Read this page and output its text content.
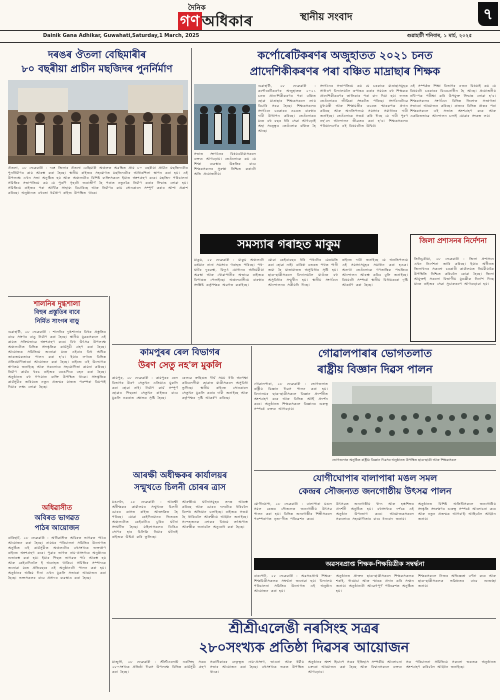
দৈনিক
গণ অধিকাৰ	স্থানীয় সংবাদ	৭
Dainik Gana Adhikar, Guwahati,Saturday,1 March, 2025	গুৱাহাটী শনিবাৰ, ১ মাৰ্চ, ২০২৫
দৰঙৰ ঔতলা বেছিমাৰীৰ
৮০ বছৰীয়া প্ৰাচীন মছজিদৰ পুনৰ্নিৰ্মাণ
ঔতলা, ২৮ ফেব্ৰুৱাৰী : দৰং জিলাৰ ঔতলা বেছিমাৰী অঞ্চলত অৱস্থিত প্ৰায় ৮০ বছৰীয়া প্ৰাচীন মছজিদটোৰ পুনৰ্নিৰ্মাণৰ কাম আৰম্ভ কৰা হৈছে। স্থানীয় ৰাইজৰ সহযোগত মছজিদটোৰ আধাৰশিলা স্থাপন কৰা হয়। এই উপলক্ষে এখন সভা অনুষ্ঠিত হয় আৰু অঞ্চলটোৰ বিশিষ্ট ব্যক্তিসকলে ইয়াত অংশগ্ৰহণ কৰে। মছজিদ পৰিচালনা সমিতিৰ সভাপতিয়ে কয় যে পুৰণি গৃহটো জৰাজীৰ্ণ হৈ পৰাত নতুনকৈ নিৰ্মাণ কৰাৰ সিদ্ধান্ত লোৱা হয়। সমিতিয়ে ৰাইজৰ পৰা আৰ্থিক সাহায্য বিচাৰিছে আৰু নিৰ্মাণৰ কাম সোনকালে সম্পূৰ্ণ কৰাৰ আশা প্ৰকাশ কৰিছে। অনুষ্ঠানত বহুতো ধৰ্মপ্ৰাণ ৰাইজ উপস্থিত থাকে।
শালনিৰ দুগ্ধশালা
বিহুৰ প্ৰস্তুতিৰ বাবে
নিৰ্মিত সাংগৰ বাড়ু
গুৱাহাটী, ২৮ ফেব্ৰুৱাৰী : শালনিৰ দুগ্ধশালাৰ বিহুৰ প্ৰস্তুতিৰ বাবে সাংগৰ বাড়ু নিৰ্মাণ কৰা হৈছে। স্থানীয় যুৱকসকলে এই কামত সক্ৰিয়ভাৱে অংশগ্ৰহণ কৰে। বিহু উৎসৱ উপলক্ষে অঞ্চলটোত বিভিন্ন সাংস্কৃতিক কাৰ্যসূচী গ্ৰহণ কৰা হৈছে। আয়োজক সমিতিয়ে জনোৱা মতে এইবাৰ বিহু অধিক জাকজমকতাৰে পালন কৰা হ'ব। ইয়াৰ লগতে বিভিন্ন প্ৰতিযোগিতাৰো আয়োজন কৰা হৈছে। ৰাইজে এই উদ্যোগক স্বাগতম জনাইছে আৰু সকলোৰে সহযোগিতা কামনা কৰিছে। নিৰ্মাণ কাৰ্যৰ খৰচ ৰাইজৰ বৰঙণিৰে বহন কৰা হৈছে। অনুষ্ঠানত বহু গণ্যমান্য ব্যক্তি উপস্থিত থাকে। সাংস্কৃতিক কাৰ্যসূচীৰ জৰিয়তে নতুন প্ৰজন্মৰ মাজত পৰম্পৰা বিয়পাই দিয়াৰ লক্ষ্য লোৱা হৈছে।
অধিৱাসীত
অবিৰত ভাগৱত
পাঠৰ আয়োজন
বাৰিহাট, ২৮ ফেব্ৰুৱাৰী : অধিৱাসীত অবিৰত ভাগৱত পাঠৰ আয়োজন কৰা হৈছে। নামঘৰ পৰিচালনা সমিতিৰ উদ্যোগত অনুষ্ঠিত এই কাৰ্যসূচীত অঞ্চলটোৰ বহুসংখ্যক ভক্তপ্ৰাণ ৰাইজে অংশগ্ৰহণ কৰে। পুৱাৰ ভাগত নাম-প্ৰসংগৰে অনুষ্ঠানৰ শুভাৰম্ভ কৰা হয়। ইয়াৰ পিছত ভাগৱত পাঠ আৰম্ভ হয় আৰু কেইবাদিনলৈ ই অব্যাহত থাকিব। সমিতিৰ সম্পাদকে জনোৱা মতে প্ৰতিবছৰে এই অনুষ্ঠানটো পালন কৰা হয়। অনুষ্ঠানৰ অন্তিম দিনা এখন মুকলি সভাৰো আয়োজন কৰা হৈছে। ভক্তসকলৰ বাবে প্ৰসাদৰ ব্যৱস্থাও কৰা হৈছে।
কৰ্পোৰেটিকৰণৰ অজুহাতত ২০২১ চনত
প্ৰাদেশিকীকৰণৰ পৰা বঞ্চিত মাদ্ৰাছাৰ শিক্ষক
গুৱাহাটী, ২৮ ফেব্ৰুৱাৰী : কৰ্পোৰেটিকৰণৰ অজুহাতত ২০২১ চনত প্ৰাদেশিকীকৰণৰ পৰা বঞ্চিত হোৱা মাদ্ৰাছাৰ শিক্ষকসকলে ন্যায় বিচাৰি সৰৱ হৈছে। শিক্ষকসকলৰ সংগঠনে চৰকাৰৰ ওচৰত বাৰম্বাৰ দাবী উত্থাপন কৰিছে। তেওঁলোকৰ মতে বহু বছৰ ধৰি সেৱা আগবঢ়াই অহা সত্ত্বেও তেওঁলোক বঞ্চিত হৈ আছে।
সংগঠনৰ সভাপতিয়ে কয় যে চৰকাৰে মাদ্ৰাছাসমূহক সাধাৰণ বিদ্যালয়লৈ ৰূপান্তৰ কৰাৰ সময়ত বহু শিক্ষকক প্ৰাদেশিকীকৰণৰ তালিকাৰ পৰা বাদ দিয়া হয়। ফলত তেওঁলোকৰ জীৱিকা সংকটত পৰিছে। সংগঠনটোৱে মুখ্যমন্ত্ৰী আৰু শিক্ষামন্ত্ৰীৰ ওচৰত স্মাৰকপত্ৰ প্ৰদান কৰিছে আৰু অনতিপলমে সমস্যাৰ সমাধানৰ দাবী জনাইছে। তেওঁলোকে সতৰ্ক কৰি দিছে যে দাবী পূৰণ নহ'লে আন্দোলন তীব্ৰতৰ কৰা হ'ব। শিক্ষকসকলৰ পৰিয়ালবৰ্গও এই বিষয়টোত উদ্বিগ্ন।
এই সম্পৰ্কত শিক্ষা বিভাগৰ এজন বিষয়াই কয় যে বিষয়টো চৰকাৰৰ বিবেচনাধীন হৈ আছে। প্ৰয়োজনীয় নথি-পত্ৰ পৰীক্ষা কৰি উপযুক্ত সিদ্ধান্ত লোৱা হ'ব। শিক্ষকসকলৰ সংগঠনে বিভিন্ন জিলাত সজাগতা সভাৰো আয়োজন কৰিছে। ৰাজ্যৰ বিভিন্ন প্ৰান্তৰ পৰা শিক্ষকসকলে এই সভাত অংশগ্ৰহণ কৰে আৰু একত্ৰিতভাৱে আন্দোলন চলাই যোৱাৰ সংকল্প লয়।
সভাত সংগঠনৰ বিষয়ববীয়াসকলে বক্তব্য আগবঢ়ায়। তেওঁলোকে কয় যে শিক্ষা ব্যৱস্থাৰ উন্নতিৰ বাবে শিক্ষকসকলৰ সুৰক্ষা নিশ্চিত কৰাটো অতি প্ৰয়োজনীয়।
সমস্যাৰ গৰাহত মাকুম	জিলা প্ৰশাসনৰ নিৰ্দেশনা
তিনিচুকীয়া, ২৮ ফেব্ৰুৱাৰী : জিলা প্ৰশাসনে এখন নিৰ্দেশনা জাৰি কৰিছে। ইয়াৰ অধীনত জিলাখনৰ সকলো চৰকাৰী কাৰ্যালয়ত নিয়মীয়াকৈ উপস্থিতি নিশ্চিত কৰিবলৈ কোৱা হৈছে। জিলা আয়ুক্তই সকলো বিভাগীয় মুৰব্বীক নিৰ্দেশ দিছে যাতে ৰাইজৰ সেৱা সুচাৰুৰূপে আগবঢ়োৱা হয়।
মাকুম, ২৮ ফেব্ৰুৱাৰী : মাকুম অঞ্চলটো বৰ্তমান নানা সমস্যাৰ গৰাহত পৰিছে। পথ-ঘাটৰ দুৰৱস্থা, বিদ্যুৎ যোগানৰ অনিয়মীয়া অৱস্থা আৰু খোৱাপানীৰ অভাৱে ৰাইজক বিপাঙত পেলাইছে। অঞ্চলবাসীয়ে বাৰম্বাৰ সংশ্লিষ্ট কৰ্তৃপক্ষক অৱগত কৰাইছে।
যোৱা কেইবাবছৰ ধৰি পথটোৰ মেৰামতি কৰা হোৱা নাই। বাৰিষা বতৰত পথত পানী জমা হৈ যাতায়াতত অসুবিধাৰ সৃষ্টি হয়। ছাত্ৰ-ছাত্ৰীসকলে বিদ্যালয়লৈ যাওঁতে বহু অসুবিধাৰ সন্মুখীন হয়। স্থানীয় সংগঠনে আন্দোলনৰ সকীয়নি দিছে।
ৰাইজে দাবী জনাইছে যে অনতিপলমে এই সমস্যাসমূহৰ সমাধান কৰা হওক। অন্যথা তেওঁলোকে গণতান্ত্ৰিক পদ্ধতিৰে আন্দোলন আৰম্ভ কৰিব বুলি জনাইছে। বিষয়টো সম্পৰ্কে স্থানীয় বিধায়কৰো দৃষ্টি আকৰ্ষণ কৰা হৈছে।
কামপুৰৰ ৰেল বিভাগৰ
উৰণ সেতু নহ'ল মুকলি
কামপুৰ, ২৮ ফেব্ৰুৱাৰী : কামপুৰৰ ৰেল বিভাগৰ উৰণ সেতুখন এতিয়াও মুকলি কৰা হোৱা নাই। নিৰ্মাণ কাৰ্য সম্পূৰ্ণ হোৱাৰ পিছতো সেতুখন ৰাইজৰ বাবে মুকলি নকৰাত ক্ষোভৰ সৃষ্টি হৈছে।
ৰেলৱে ক্ৰছিঙত দীৰ্ঘ সময় ধৰি অপেক্ষা কৰিবলগীয়া হোৱাত যাত্ৰীসকলে অসুবিধা ভুগিছে। স্থানীয় ৰাইজে সোনকালে সেতুখন মুকলি কৰাৰ দাবী জনাইছে আৰু কৰ্তৃপক্ষৰ দৃষ্টি আকৰ্ষণ কৰিছে।
আৰক্ষী অধীক্ষকৰ কাৰ্যালয়ৰ
সন্মুখতে চিলনী চোৰৰ ত্ৰাস
মঙলদৈ, ২৮ ফেব্ৰুৱাৰী : আৰক্ষী অধীক্ষকৰ কাৰ্যালয়ৰ সন্মুখতে চিলনী চোৰৰ ত্ৰাসত ৰাইজ আতংকিত হৈ পৰিছে। যোৱা কেইদিনমানৰ ভিতৰত অঞ্চলটোত কেইবাটাও চুৰিৰ ঘটনা সংঘটিত হৈছে। মহিলাসকলৰ ডিঙিৰ সোণৰ হাৰ চিলিকি নিয়াৰ ঘটনাই ৰাইজক উদ্বিগ্ন কৰি তুলিছে।
আৰক্ষীয়ে ঘটনাসমূহৰ তদন্ত আৰম্ভ কৰিছে আৰু চোৰৰ দলটোক ধৰিবলৈ বিশেষ অভিযান চলাইছে। ৰাইজক সতৰ্ক হৈ থাকিবলৈ আৰক্ষীয়ে আহ্বান জনাইছে। সন্দেহজনক লোকৰ বিষয়ে তৎক্ষণাত আৰক্ষীক জনাবলৈ অনুৰোধ কৰা হৈছে।
গোৱালপাৰাৰ ভোগতলাত
ৰাষ্ট্ৰীয় বিজ্ঞান দিৱস পালন
গোৱালপাৰা, ২৮ ফেব্ৰুৱাৰী : ভোগতলাত ৰাষ্ট্ৰীয় বিজ্ঞান দিৱস পালন কৰা হয়। বিদ্যালয়ৰ ছাত্ৰ-ছাত্ৰীসকলে বিজ্ঞান প্ৰদৰ্শনীত অংশগ্ৰহণ কৰে আৰু বিভিন্ন আৰ্হি প্ৰদৰ্শন কৰে। অনুষ্ঠানত শিক্ষকসকলে বিজ্ঞানৰ গুৰুত্ব সম্পৰ্কে বক্তব্য আগবঢ়ায়।
ভোগতলাত অনুষ্ঠিত ৰাষ্ট্ৰীয় বিজ্ঞান দিৱসৰ অনুষ্ঠানত উপস্থিত ছাত্ৰ-ছাত্ৰী আৰু শিক্ষকসকল
যোগীঘোপাৰ বালাপাৰা মঙল সমল
কেন্দ্ৰৰ সৌজন্যত জনগোষ্ঠীয় উৎসৱ পালন
যোগীঘোপা, ২৮ ফেব্ৰুৱাৰী : বালাপাৰা মঙল সমল কেন্দ্ৰৰ সৌজন্যত জনগোষ্ঠীয় উৎসৱ পালন কৰা হয়। বিভিন্ন জনগোষ্ঠীৰ শিল্পীসকলে পৰম্পৰাগত নৃত্য-গীত পৰিৱেশন কৰে।
উৎসৱত জনগোষ্ঠীয় খাদ্য আৰু হস্তশিল্পৰ প্ৰদৰ্শনী অনুষ্ঠিত হয়। বহুসংখ্যক দৰ্শকে এই অনুষ্ঠান উপভোগ কৰে। আয়োজকসকলে সকলোৰে সহযোগিতাৰ বাবে ধন্যবাদ জনায়।
অনুষ্ঠানত বিশিষ্ট অতিথিসকলে জনগোষ্ঠীয় সংস্কৃতি সংৰক্ষণৰ গুৰুত্ব সম্পৰ্কে আলোচনা কৰে আৰু নতুন প্ৰজন্মক আগবাঢ়ি আহিবলৈ আহ্বান জনায়।
অৱসৰপ্ৰাপ্ত শিক্ষক-শিক্ষয়িত্ৰীক সম্বৰ্দ্ধনা
বাৰপেটা, ২৮ ফেব্ৰুৱাৰী : অৱসৰপ্ৰাপ্ত শিক্ষক-শিক্ষয়িত্ৰীসকলক সম্বৰ্দ্ধনা জনোৱা হয়। বিদ্যালয় পৰিচালনা সমিতিৰ উদ্যোগত এই অনুষ্ঠান আয়োজন কৰা হয়।
অনুষ্ঠানত প্ৰাক্তন ছাত্ৰ-ছাত্ৰীসকলে শিক্ষকসকলক শৰাই, গামোচা আৰু স্মাৰক প্ৰদান কৰি সন্মান জনায়। অনুষ্ঠানটো আৱেগপূৰ্ণ পৰিৱেশত অনুষ্ঠিত হয়।
শিক্ষকসকলে নিজৰ অভিজ্ঞতা বৰ্ণনা কৰে আৰু ছাত্ৰ-ছাত্ৰীসকলক ভৱিষ্যতৰ বাবে শুভেচ্ছা জনায়।
শ্ৰীশ্ৰীএলেঙী নৰসিংহ সত্ৰৰ
২৮০সংখ্যক প্ৰতিষ্ঠা দিৱসৰ আয়োজন
মাজুলী, ২৮ ফেব্ৰুৱাৰী : শ্ৰীশ্ৰীএলেঙী নৰসিংহ সত্ৰৰ ২৮০সংখ্যক প্ৰতিষ্ঠা দিৱস উপলক্ষে বিভিন্ন কাৰ্যসূচী গ্ৰহণ কৰা হৈছে।
সত্ৰাধিকাৰৰ নেতৃত্বত নাম-প্ৰসংগ, ভাওনা আৰু ধৰ্মীয় সভাৰ আয়োজন কৰা হৈছে। বহুসংখ্যক ভকত উপস্থিত থাকে।
অনুষ্ঠানৰ অংশ হিচাপে সত্ৰৰ ইতিহাস সম্পৰ্কীয় আলোচনা চক্ৰৰো আয়োজন কৰা হৈছে আৰু বিদ্বানসকলে বক্তব্য আগবঢ়াব।
সত্ৰ পৰিচালনা সমিতিয়ে সকলো ভকতক অনুষ্ঠানত অংশগ্ৰহণ কৰিবলৈ আহ্বান জনাইছে।
